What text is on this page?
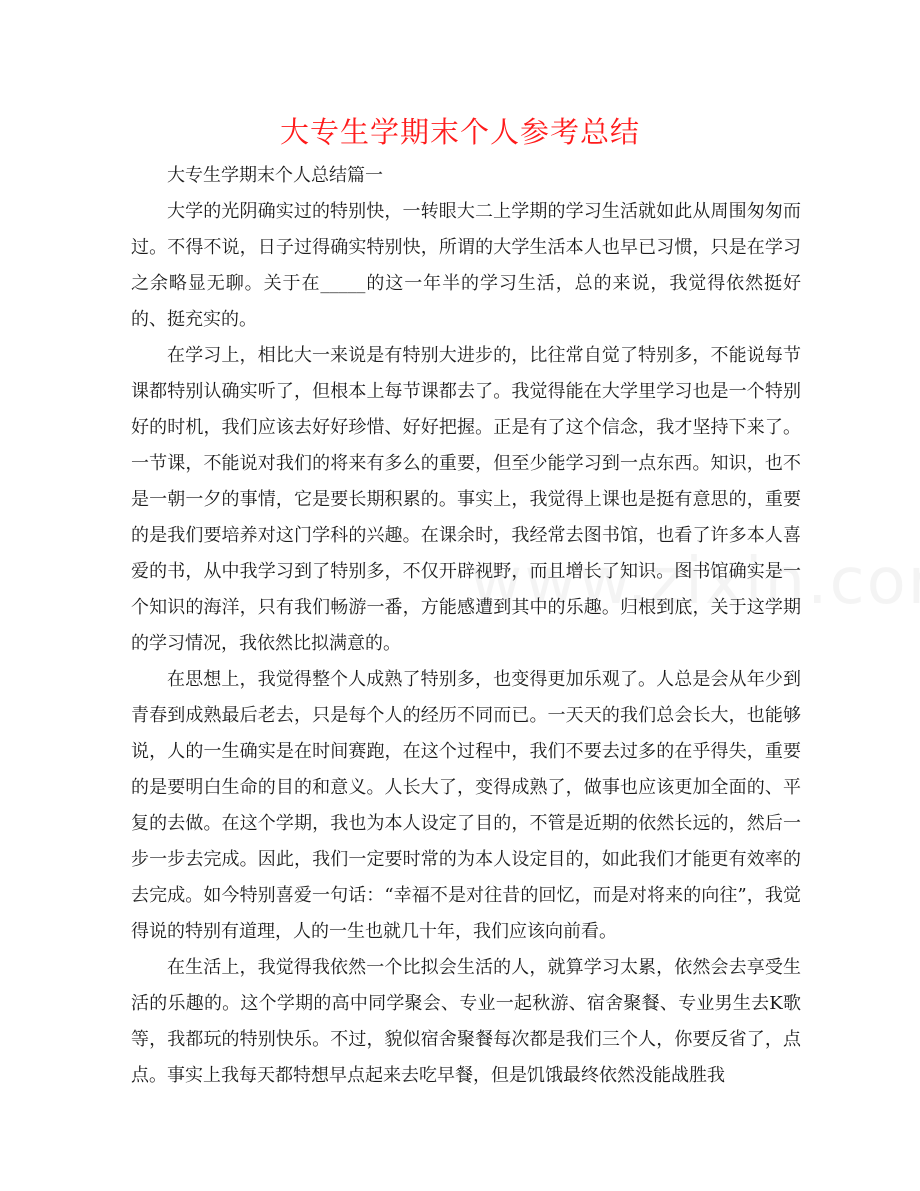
大专生学期末个人参考总结

大专生学期末个人总结篇一

大学的光阴确实过的特别快，一转眼大二上学期的学习生活就如此从周围匆匆而过。不得不说，日子过得确实特别快，所谓的大学生活本人也早已习惯，只是在学习之余略显无聊。关于在_____的这一年半的学习生活，总的来说，我觉得依然挺好的、挺充实的。

在学习上，相比大一来说是有特别大进步的，比往常自觉了特别多，不能说每节课都特别认确实听了，但根本上每节课都去了。我觉得能在大学里学习也是一个特别好的时机，我们应该去好好珍惜、好好把握。正是有了这个信念，我才坚持下来了。一节课，不能说对我们的将来有多么的重要，但至少能学习到一点东西。知识，也不是一朝一夕的事情，它是要长期积累的。事实上，我觉得上课也是挺有意思的，重要的是我们要培养对这门学科的兴趣。在课余时，我经常去图书馆，也看了许多本人喜爱的书，从中我学习到了特别多，不仅开辟视野，而且增长了知识。图书馆确实是一个知识的海洋，只有我们畅游一番，方能感遭到其中的乐趣。归根到底，关于这学期的学习情况，我依然比拟满意的。

在思想上，我觉得整个人成熟了特别多，也变得更加乐观了。人总是会从年少到青春到成熟最后老去，只是每个人的经历不同而已。一天天的我们总会长大，也能够说，人的一生确实是在时间赛跑，在这个过程中，我们不要去过多的在乎得失，重要的是要明白生命的目的和意义。人长大了，变得成熟了，做事也应该更加全面的、平复的去做。在这个学期，我也为本人设定了目的，不管是近期的依然长远的，然后一步一步去完成。因此，我们一定要时常的为本人设定目的，如此我们才能更有效率的去完成。如今特别喜爱一句话：“幸福不是对往昔的回忆，而是对将来的向往”，我觉得说的特别有道理，人的一生也就几十年，我们应该向前看。

在生活上，我觉得我依然一个比拟会生活的人，就算学习太累，依然会去享受生活的乐趣的。这个学期的高中同学聚会、专业一起秋游、宿舍聚餐、专业男生去K歌等，我都玩的特别快乐。不过，貌似宿舍聚餐每次都是我们三个人，你要反省了，点点。事实上我每天都特想早点起来去吃早餐，但是饥饿最终依然没能战胜我
